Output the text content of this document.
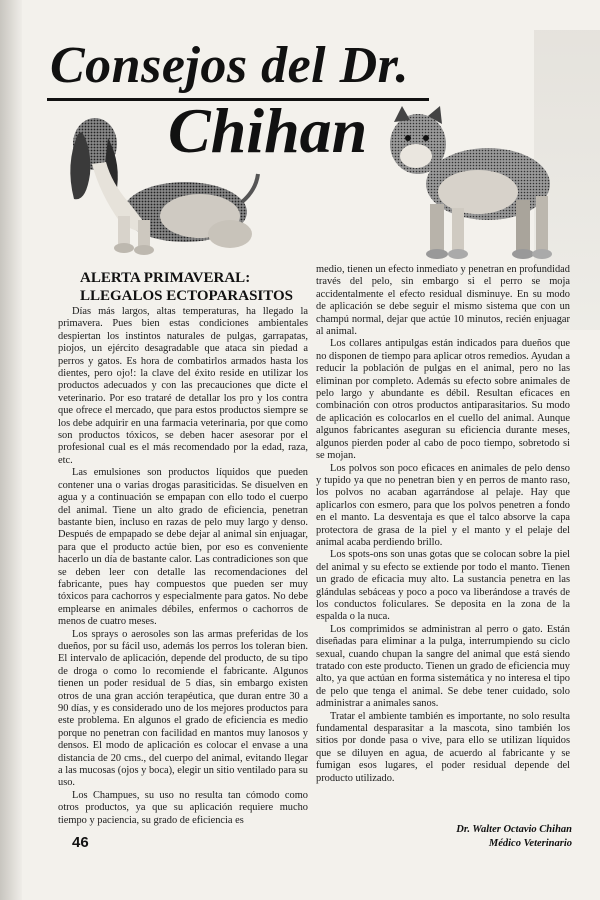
Consejos del Dr.
Chihan
ALERTA PRIMAVERAL:
LLEGALOS ECTOPARASITOS

Días más largos, altas temperaturas, ha llegado la primavera. Pues bien estas condiciones ambientales despiertan los instintos naturales de pulgas, garrapatas, piojos, un ejército desagradable que ataca sin piedad a perros y gatos. Es hora de combatirlos armados hasta los dientes, pero ojo!: la clave del éxito reside en utilizar los productos adecuados y con las precauciones que dicte el veterinario. Por eso trataré de detallar los pro y los contra que ofrece el mercado, que para estos productos siempre se los debe adquirir en una farmacia veterinaria, por que como son productos tóxicos, se deben hacer asesorar por el profesional cual es el más recomendado por la edad, raza, etc.

Las emulsiones son productos líquidos que pueden contener una o varias drogas parasiticidas. Se disuelven en agua y a continuación se empapan con ello todo el cuerpo del animal. Tiene un alto grado de eficiencia, penetran bastante bien, incluso en razas de pelo muy largo y denso. Después de empapado se debe dejar al animal sin enjuagar, para que el producto actúe bien, por eso es conveniente hacerlo un día de bastante calor. Las contradiciones son que se deben leer con detalle las recomendaciones del fabricante, pues hay compuestos que pueden ser muy tóxicos para cachorros y especialmente para gatos. No debe emplearse en animales débiles, enfermos o cachorros de menos de cuatro meses.

Los sprays o aerosoles son las armas preferidas de los dueños, por su fácil uso, además los perros los toleran bien. El intervalo de aplicación, depende del producto, de su tipo de droga o como lo recomiende el fabricante. Algunos tienen un poder residual de 5 días, sin embargo existen otros de una gran acción terapéutica, que duran entre 30 a 90 días, y es considerado uno de los mejores productos para este problema. En algunos el grado de eficiencia es medio porque no penetran con facilidad en mantos muy lanosos y densos. El modo de aplicación es colocar el envase a una distancia de 20 cms., del cuerpo del animal, evitando llegar a las mucosas (ojos y boca), elegir un sitio ventilado para su uso.

Los Champues, su uso no resulta tan cómodo como otros productos, ya que su aplicación requiere mucho tiempo y paciencia, su grado de eficiencia es

medio, tienen un efecto inmediato y penetran en profundidad través del pelo, sin embargo si el perro se moja accidentalmente el efecto residual disminuye. En su modo de aplicación se debe seguir el mismo sistema que con un champú normal, dejar que actúe 10 minutos, recién enjuagar al animal.

Los collares antipulgas están indicados para dueños que no disponen de tiempo para aplicar otros remedios. Ayudan a reducir la población de pulgas en el animal, pero no las eliminan por completo. Además su efecto sobre animales de pelo largo y abundante es débil. Resultan eficaces en combinación con otros productos antiparasitarios. Su modo de aplicación es colocarlos en el cuello del animal. Aunque algunos fabricantes aseguran su eficiencia durante meses, algunos pierden poder al cabo de poco tiempo, sobretodo si se mojan.

Los polvos son poco eficaces en animales de pelo denso y tupido ya que no penetran bien y en perros de manto raso, los polvos no acaban agarrándose al pelaje. Hay que aplicarlos con esmero, para que los polvos penetren a fondo en el manto. La desventaja es que el talco absorve la capa protectora de grasa de la piel y el manto y el pelaje del animal acaba perdiendo brillo.

Los spots-ons son unas gotas que se colocan sobre la piel del animal y su efecto se extiende por todo el manto. Tienen un grado de eficacia muy alto. La sustancia penetra en las glándulas sebáceas y poco a poco va liberándose a través de los conductos foliculares. Se deposita en la zona de la espalda o la nuca.

Los comprimidos se administran al perro o gato. Están diseñadas para eliminar a la pulga, interrumpiendo su ciclo sexual, cuando chupan la sangre del animal que está siendo tratado con este producto. Tienen un grado de eficiencia muy alto, ya que actúan en forma sistemática y no interesa el tipo de pelo que tenga el animal. Se debe tener cuidado, solo administrar a animales sanos.

Tratar el ambiente también es importante, no solo resulta fundamental desparasitar a la mascota, sino también los sitios por donde pasa o vive, para ello se utilizan líquidos que se diluyen en agua, de acuerdo al fabricante y se fumigan esos lugares, el poder residual depende del producto utilizado.

Dr. Walter Octavio Chihan
Médico Veterinario
46
